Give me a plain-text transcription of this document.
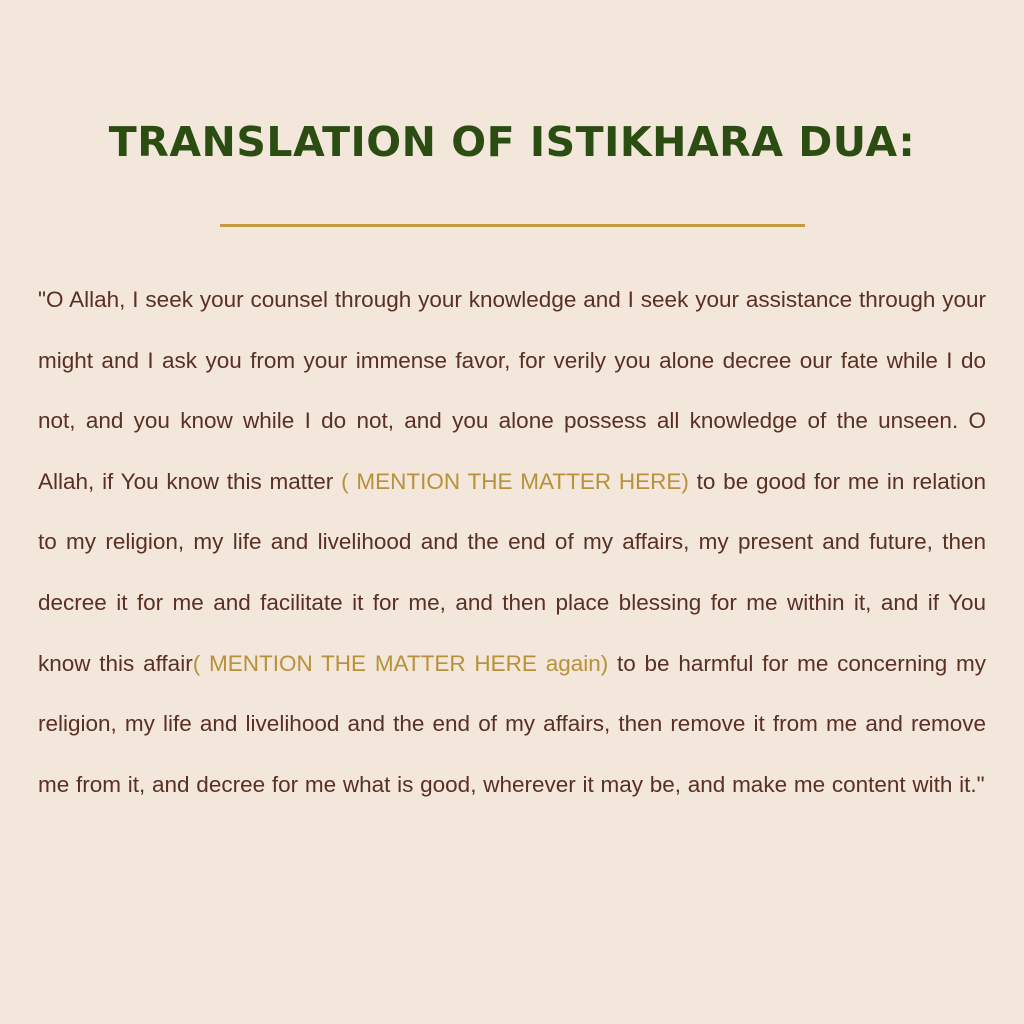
TRANSLATION OF ISTIKHARA DUA:

"O Allah, I seek your counsel through your knowledge and I seek your assistance through your might and I ask you from your immense favor, for verily you alone decree our fate while I do not, and you know while I do not, and you alone possess all knowledge of the unseen. O Allah, if You know this matter ( MENTION THE MATTER HERE) to be good for me in relation to my religion, my life and livelihood and the end of my affairs, my present and future, then decree it for me and facilitate it for me, and then place blessing for me within it, and if You know this affair( MENTION THE MATTER HERE again) to be harmful for me concerning my religion, my life and livelihood and the end of my affairs, then remove it from me and remove me from it, and decree for me what is good, wherever it may be, and make me content with it."
